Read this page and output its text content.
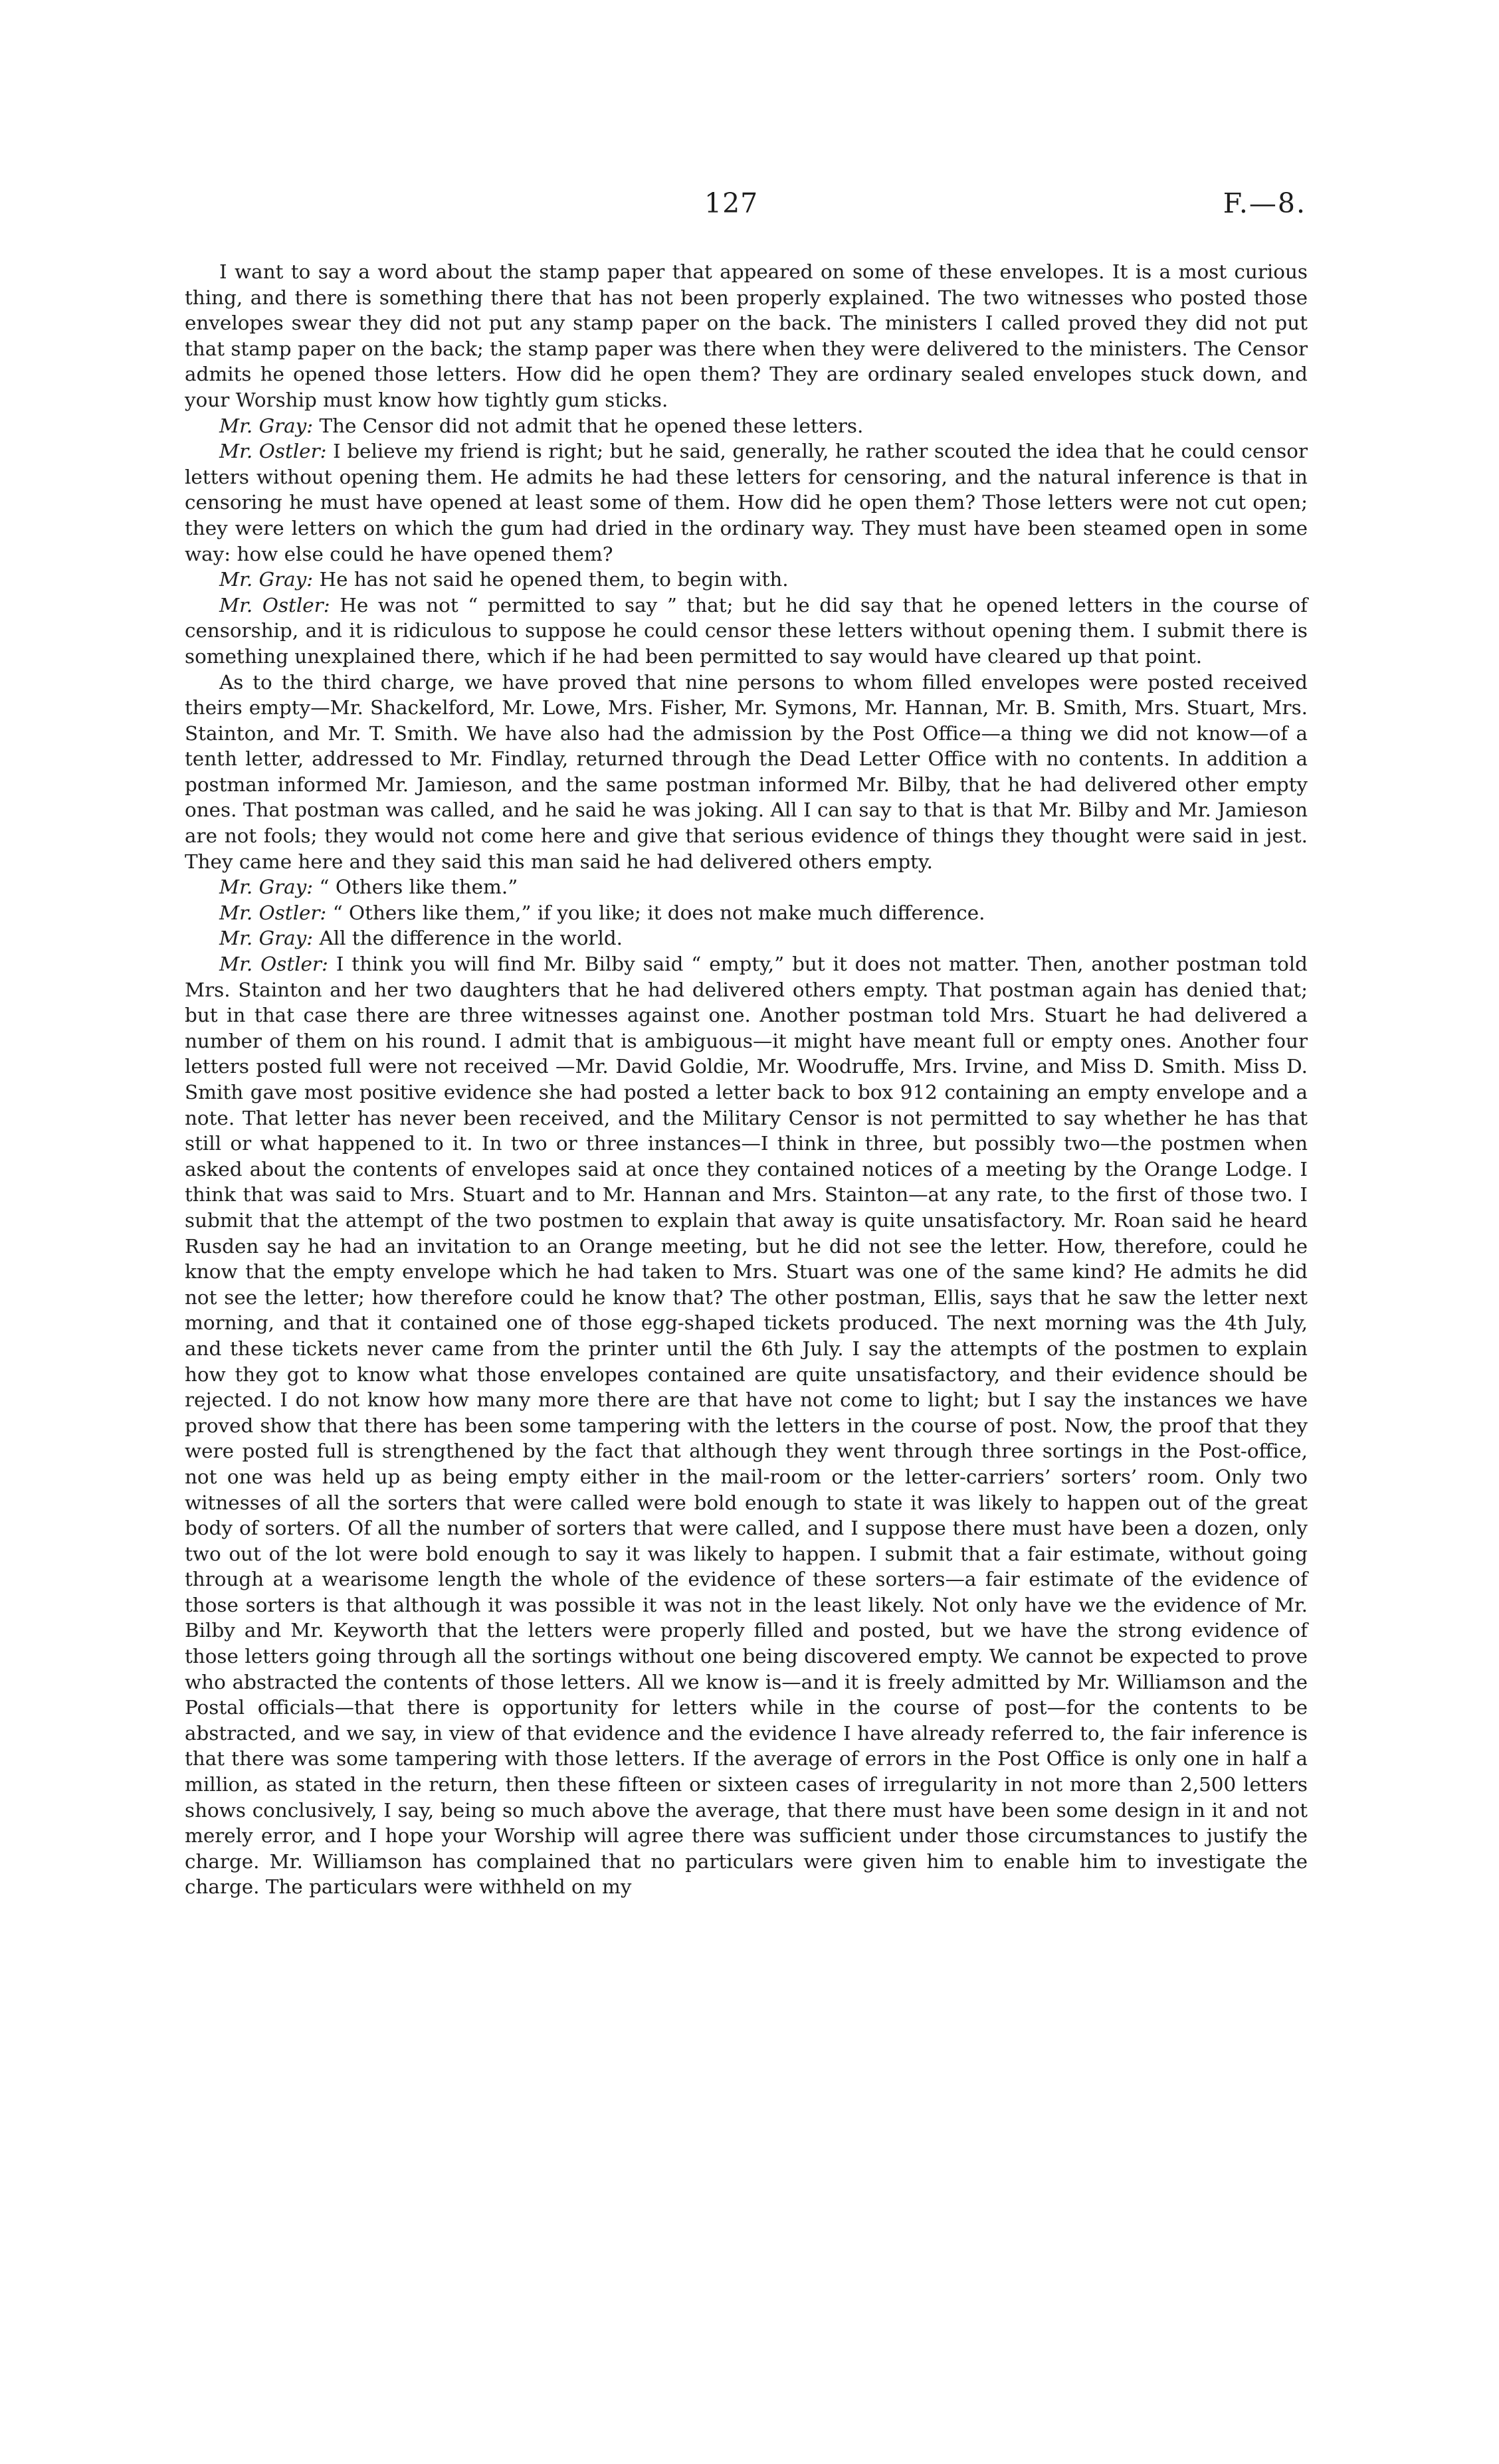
127	F.—8.

I want to say a word about the stamp paper that appeared on some of these envelopes. It is a most curious thing, and there is something there that has not been properly explained. The two witnesses who posted those envelopes swear they did not put any stamp paper on the back. The ministers I called proved they did not put that stamp paper on the back; the stamp paper was there when they were delivered to the ministers. The Censor admits he opened those letters. How did he open them? They are ordinary sealed envelopes stuck down, and your Worship must know how tightly gum sticks.

Mr. Gray: The Censor did not admit that he opened these letters.

Mr. Ostler: I believe my friend is right; but he said, generally, he rather scouted the idea that he could censor letters without opening them. He admits he had these letters for censoring, and the natural inference is that in censoring he must have opened at least some of them. How did he open them? Those letters were not cut open; they were letters on which the gum had dried in the ordinary way. They must have been steamed open in some way: how else could he have opened them?

Mr. Gray: He has not said he opened them, to begin with.

Mr. Ostler: He was not “ permitted to say ” that; but he did say that he opened letters in the course of censorship, and it is ridiculous to suppose he could censor these letters without opening them. I submit there is something unexplained there, which if he had been permitted to say would have cleared up that point.

As to the third charge, we have proved that nine persons to whom filled envelopes were posted received theirs empty—Mr. Shackelford, Mr. Lowe, Mrs. Fisher, Mr. Symons, Mr. Hannan, Mr. B. Smith, Mrs. Stuart, Mrs. Stainton, and Mr. T. Smith. We have also had the admission by the Post Office—a thing we did not know—of a tenth letter, addressed to Mr. Findlay, returned through the Dead Letter Office with no contents. In addition a postman informed Mr. Jamieson, and the same postman informed Mr. Bilby, that he had delivered other empty ones. That postman was called, and he said he was joking. All I can say to that is that Mr. Bilby and Mr. Jamieson are not fools; they would not come here and give that serious evidence of things they thought were said in jest. They came here and they said this man said he had delivered others empty.

Mr. Gray: “ Others like them.”

Mr. Ostler: “ Others like them,” if you like; it does not make much difference.

Mr. Gray: All the difference in the world.

Mr. Ostler: I think you will find Mr. Bilby said “ empty,” but it does not matter. Then, another postman told Mrs. Stainton and her two daughters that he had delivered others empty. That postman again has denied that; but in that case there are three witnesses against one. Another postman told Mrs. Stuart he had delivered a number of them on his round. I admit that is ambiguous—it might have meant full or empty ones. Another four letters posted full were not received —Mr. David Goldie, Mr. Woodruffe, Mrs. Irvine, and Miss D. Smith. Miss D. Smith gave most positive evidence she had posted a letter back to box 912 containing an empty envelope and a note. That letter has never been received, and the Military Censor is not permitted to say whether he has that still or what happened to it. In two or three instances—I think in three, but possibly two—the postmen when asked about the contents of envelopes said at once they contained notices of a meeting by the Orange Lodge. I think that was said to Mrs. Stuart and to Mr. Hannan and Mrs. Stainton—at any rate, to the first of those two. I submit that the attempt of the two postmen to explain that away is quite unsatisfactory. Mr. Roan said he heard Rusden say he had an invitation to an Orange meeting, but he did not see the letter. How, therefore, could he know that the empty envelope which he had taken to Mrs. Stuart was one of the same kind? He admits he did not see the letter; how therefore could he know that? The other postman, Ellis, says that he saw the letter next morning, and that it contained one of those egg-shaped tickets produced. The next morning was the 4th July, and these tickets never came from the printer until the 6th July. I say the attempts of the postmen to explain how they got to know what those envelopes contained are quite unsatisfactory, and their evidence should be rejected. I do not know how many more there are that have not come to light; but I say the instances we have proved show that there has been some tampering with the letters in the course of post. Now, the proof that they were posted full is strengthened by the fact that although they went through three sortings in the Post-office, not one was held up as being empty either in the mail-room or the letter-carriers’ sorters’ room. Only two witnesses of all the sorters that were called were bold enough to state it was likely to happen out of the great body of sorters. Of all the number of sorters that were called, and I suppose there must have been a dozen, only two out of the lot were bold enough to say it was likely to happen. I submit that a fair estimate, without going through at a wearisome length the whole of the evidence of these sorters—a fair estimate of the evidence of those sorters is that although it was possible it was not in the least likely. Not only have we the evidence of Mr. Bilby and Mr. Keyworth that the letters were properly filled and posted, but we have the strong evidence of those letters going through all the sortings without one being discovered empty. We cannot be expected to prove who abstracted the contents of those letters. All we know is—and it is freely admitted by Mr. Williamson and the Postal officials—that there is opportunity for letters while in the course of post—for the contents to be abstracted, and we say, in view of that evidence and the evidence I have already referred to, the fair inference is that there was some tampering with those letters. If the average of errors in the Post Office is only one in half a million, as stated in the return, then these fifteen or sixteen cases of irregularity in not more than 2,500 letters shows conclusively, I say, being so much above the average, that there must have been some design in it and not merely error, and I hope your Worship will agree there was sufficient under those circumstances to justify the charge. Mr. Williamson has complained that no particulars were given him to enable him to investigate the charge. The particulars were withheld on my
